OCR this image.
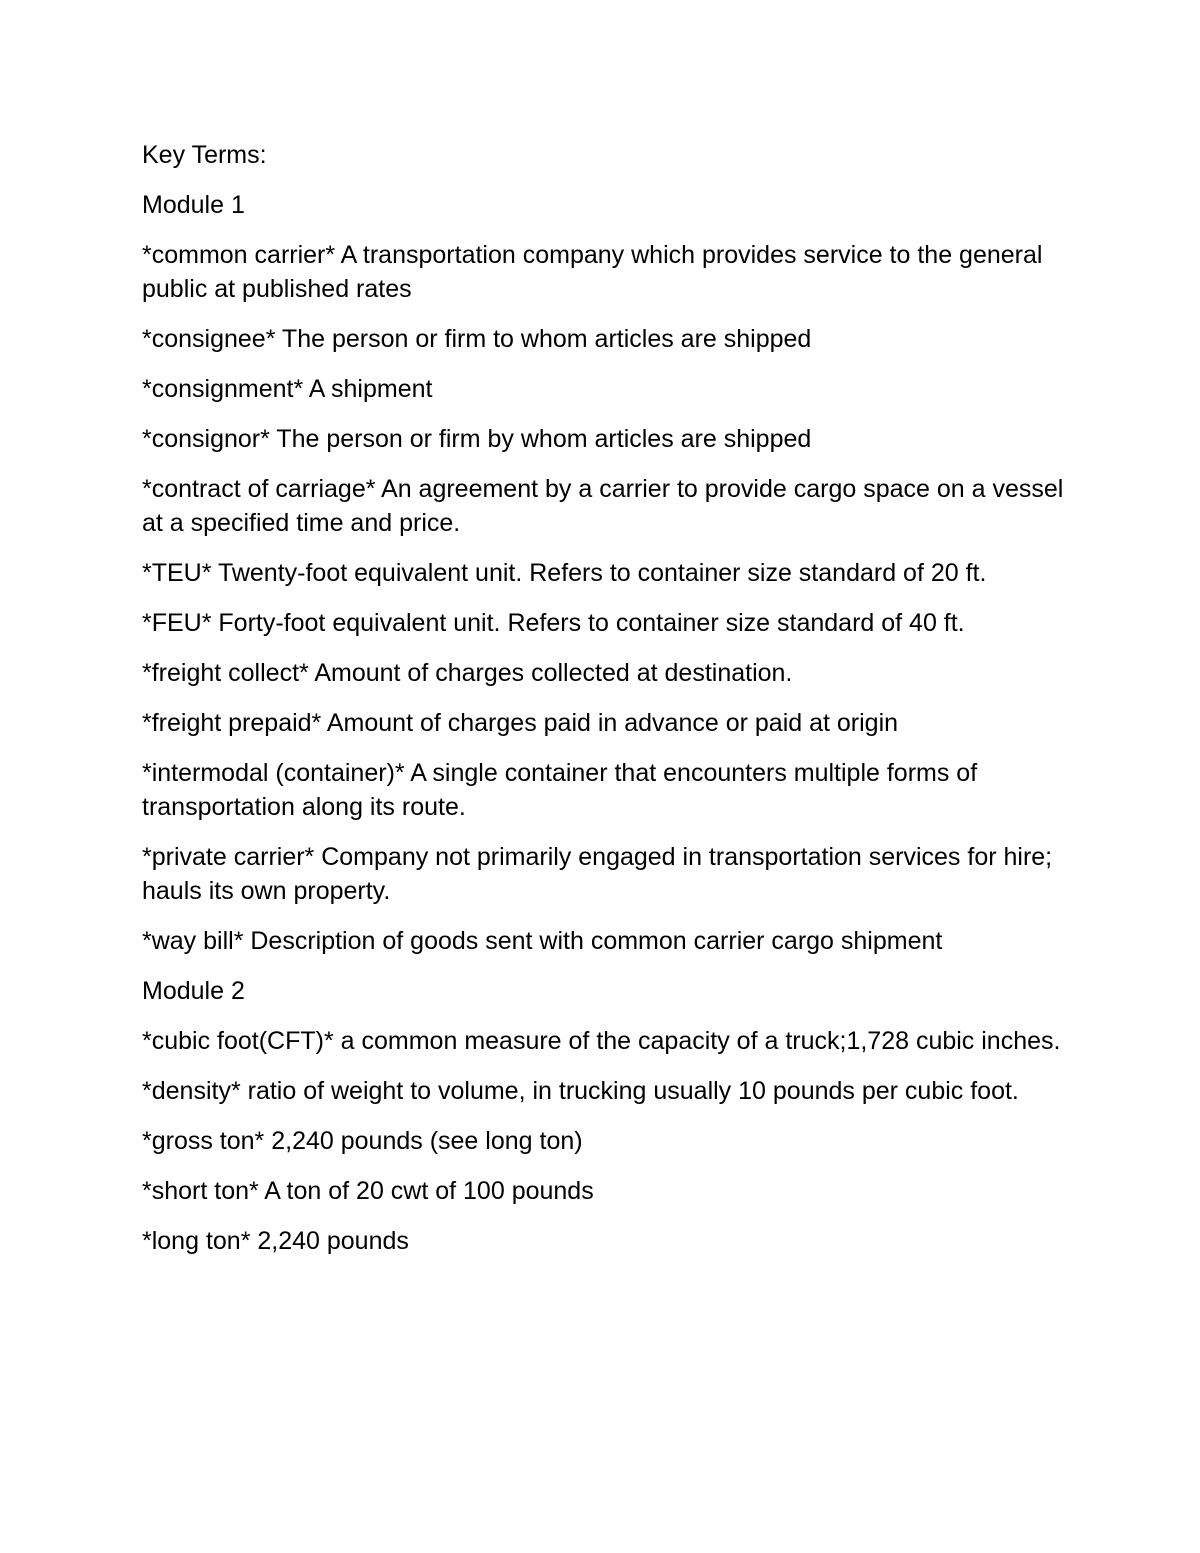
Key Terms:

Module 1

*common carrier* A transportation company which provides service to the general public at published rates

*consignee* The person or firm to whom articles are shipped

*consignment* A shipment

*consignor* The person or firm by whom articles are shipped

*contract of carriage* An agreement by a carrier to provide cargo space on a vessel at a specified time and price.

*TEU* Twenty-foot equivalent unit. Refers to container size standard of 20 ft.

*FEU* Forty-foot equivalent unit. Refers to container size standard of 40 ft.

*freight collect* Amount of charges collected at destination.

*freight prepaid* Amount of charges paid in advance or paid at origin

*intermodal (container)* A single container that encounters multiple forms of transportation along its route.

*private carrier* Company not primarily engaged in transportation services for hire; hauls its own property.

*way bill* Description of goods sent with common carrier cargo shipment

Module 2

*cubic foot(CFT)* a common measure of the capacity of a truck;1,728 cubic inches.

*density* ratio of weight to volume, in trucking usually 10 pounds per cubic foot.

*gross ton* 2,240 pounds (see long ton)

*short ton* A ton of 20 cwt of 100 pounds

*long ton* 2,240 pounds
